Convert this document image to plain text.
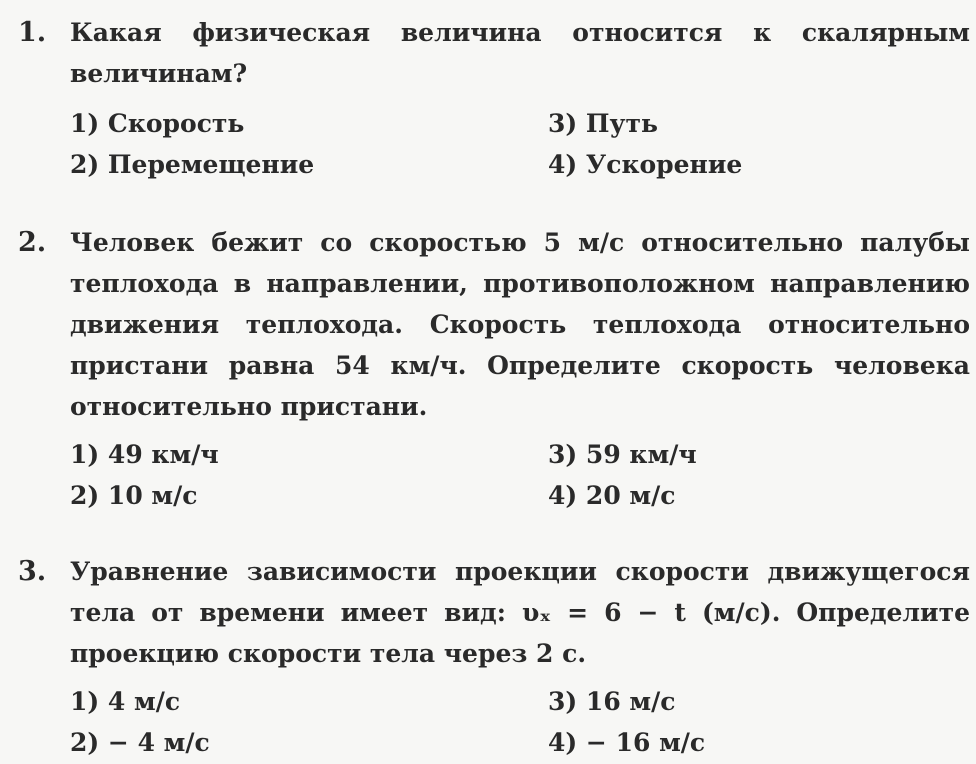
1. Какая физическая величина относится к скалярным
величинам?
1) Скорость	3) Путь
2) Перемещение	4) Ускорение
2. Человек бежит со скоростью 5 м/с относительно палубы
теплохода в направлении, противоположном направлению
движения теплохода. Скорость теплохода относительно
пристани равна 54 км/ч. Определите скорость человека
относительно пристани.
1) 49 км/ч	3) 59 км/ч
2) 10 м/с	4) 20 м/с
3. Уравнение зависимости проекции скорости движущегося
тела от времени имеет вид: υₓ = 6 − t (м/с). Определите
проекцию скорости тела через 2 с.
1) 4 м/с	3) 16 м/с
2) − 4 м/с	4) − 16 м/с
